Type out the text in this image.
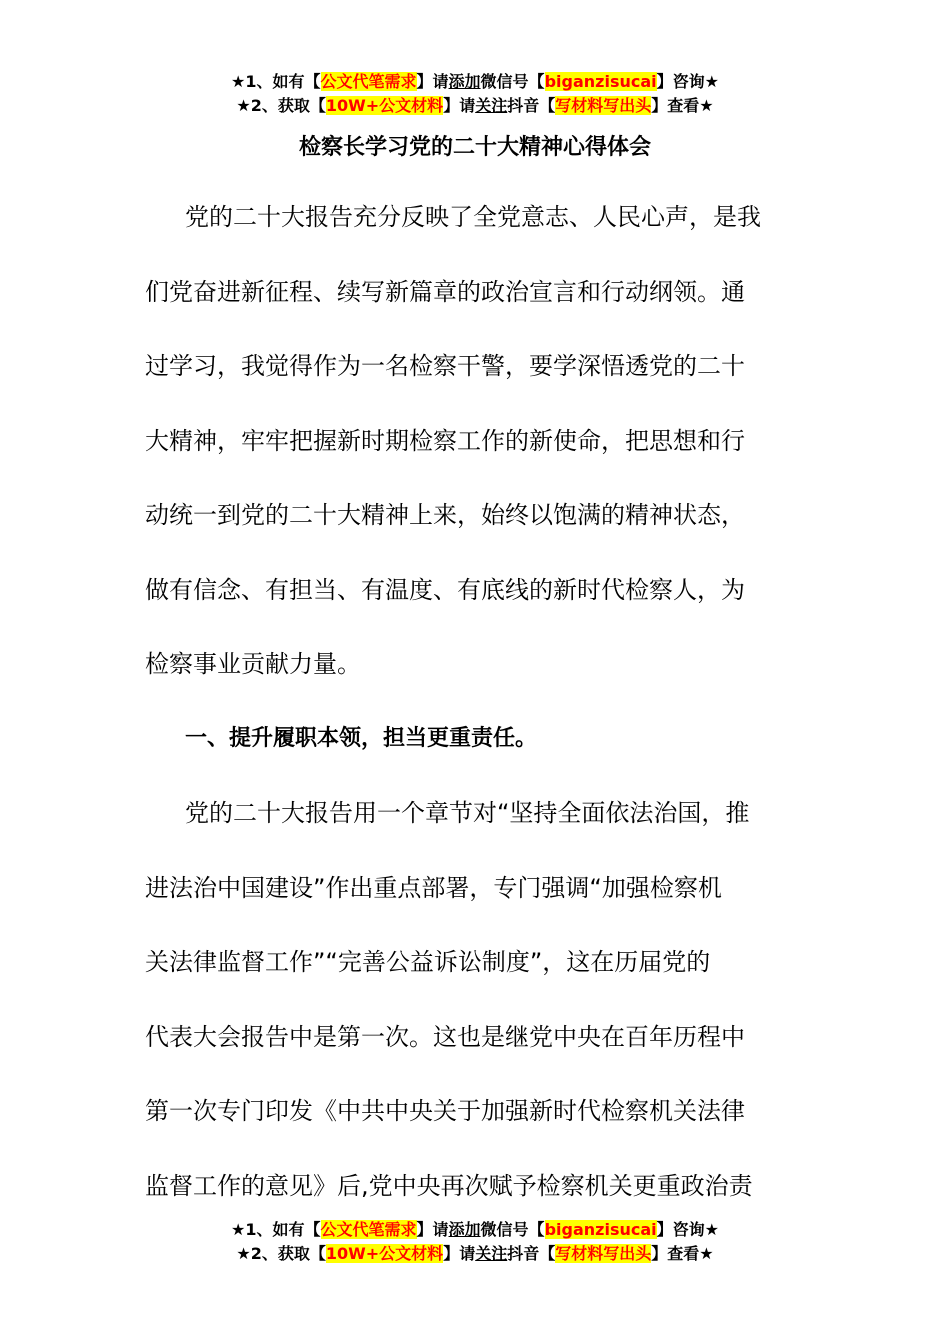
★1、如有【公文代笔需求】请添加微信号【biganzisucai】咨询★
★2、获取【10W+公文材料】请关注抖音【写材料写出头】查看★
检察长学习党的二十大精神心得体会
党的二十大报告充分反映了全党意志、人民心声，是我
们党奋进新征程、续写新篇章的政治宣言和行动纲领。通
过学习，我觉得作为一名检察干警，要学深悟透党的二十
大精神，牢牢把握新时期检察工作的新使命，把思想和行
动统一到党的二十大精神上来，始终以饱满的精神状态，
做有信念、有担当、有温度、有底线的新时代检察人，为
检察事业贡献力量。
一、提升履职本领，担当更重责任。
党的二十大报告用一个章节对“坚持全面依法治国，推
进法治中国建设”作出重点部署，专门强调“加强检察机
关法律监督工作”“完善公益诉讼制度”，这在历届党的
代表大会报告中是第一次。这也是继党中央在百年历程中
第一次专门印发《中共中央关于加强新时代检察机关法律
监督工作的意见》后,党中央再次赋予检察机关更重政治责
★1、如有【公文代笔需求】请添加微信号【biganzisucai】咨询★
★2、获取【10W+公文材料】请关注抖音【写材料写出头】查看★
